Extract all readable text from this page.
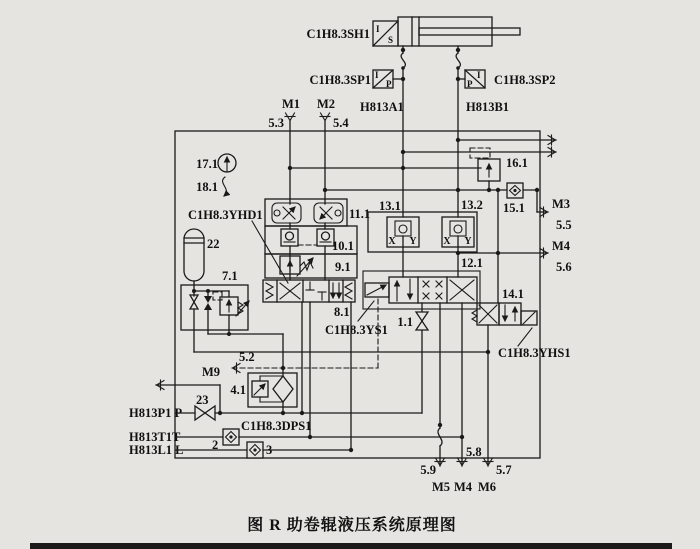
I
S
C1H8.3SH1
I
P
C1H8.3SP1	P
I C1H8.3SP2
H813A1	H813B1
M1
5.3
M2
5.4
17.1
18.1
22
7.1
11.1
10.1
9.1
C1H8.3YHD1
8.1
C1H8.3YS1
X Y	X Y
13.1	13.2
16.1
15.1 M3
5.5
M4
5.6
12.1
1.1
14.1
C1H8.3YHS1
M9
5.2
4.1
H813P1 P
23
H813T1T
2
C1H8.3DPS1
H813L1 L	3
5.9
M5
5.8
M4
5.7
M6
图 R 助卷辊液压系统原理图
